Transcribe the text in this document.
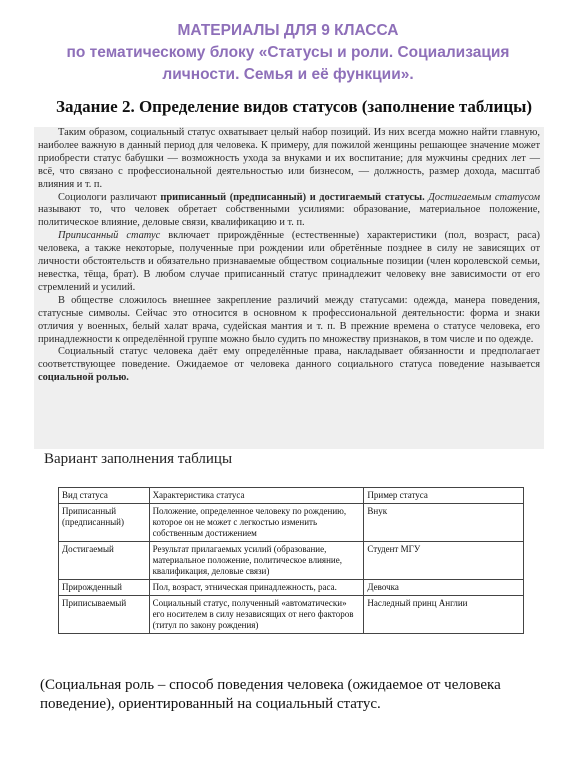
МАТЕРИАЛЫ ДЛЯ 9 КЛАССА
по тематическому блоку «Статусы и роли. Социализация
личности. Семья и её функции».
Задание 2. Определение видов статусов (заполнение таблицы)

Таким образом, социальный статус охватывает целый набор позиций. Из них всегда можно найти главную, наиболее важную в данный период для человека. К примеру, для пожилой женщины решающее значение может приобрести статус бабушки — возможность ухода за внуками и их воспитание; для мужчины средних лет — всё, что связано с профессиональной деятельностью или бизнесом, — должность, размер дохода, масштаб влияния и т. п.

Социологи различают приписанный (предписанный) и достигаемый статусы. Достигаемым статусом называют то, что человек обретает собственными усилиями: образование, материальное положение, политическое влияние, деловые связи, квалификацию и т. п.

Приписанный статус включает прирождённые (естественные) характеристики (пол, возраст, раса) человека, а также некоторые, полученные при рождении или обретённые позднее в силу не зависящих от личности обстоятельств и обязательно признаваемые обществом социальные позиции (член королевской семьи, невестка, тёща, брат). В любом случае приписанный статус принадлежит человеку вне зависимости от его стремлений и усилий.

В обществе сложилось внешнее закрепление различий между статусами: одежда, манера поведения, статусные символы. Сейчас это относится в основном к профессиональной деятельности: форма и знаки отличия у военных, белый халат врача, судейская мантия и т. п. В прежние времена о статусе человека, его принадлежности к определённой группе можно было судить по множеству признаков, в том числе и по одежде.

Социальный статус человека даёт ему определённые права, накладывает обязанности и предполагает соответствующее поведение. Ожидаемое от человека данного социального статуса поведение называется социальной ролью.

Вариант заполнения таблицы
Вид статуса	Характеристика статуса	Пример статуса
Приписанный (предписанный)	Положение, определенное человеку по рождению, которое он не может с легкостью изменить собственным достижением	Внук
Достигаемый	Результат прилагаемых усилий (образование, материальное положение, политическое влияние, квалификация, деловые связи)	Студент МГУ
Прирожденный	Пол, возраст, этническая принадлежность, раса.	Девочка
Приписываемый	Социальный статус, полученный «автоматически» его носителем в силу независящих от него факторов (титул по закону рождения)	Наследный принц Англии
(Социальная роль – способ поведения человека (ожидаемое от человека поведение), ориентированный на социальный статус.
